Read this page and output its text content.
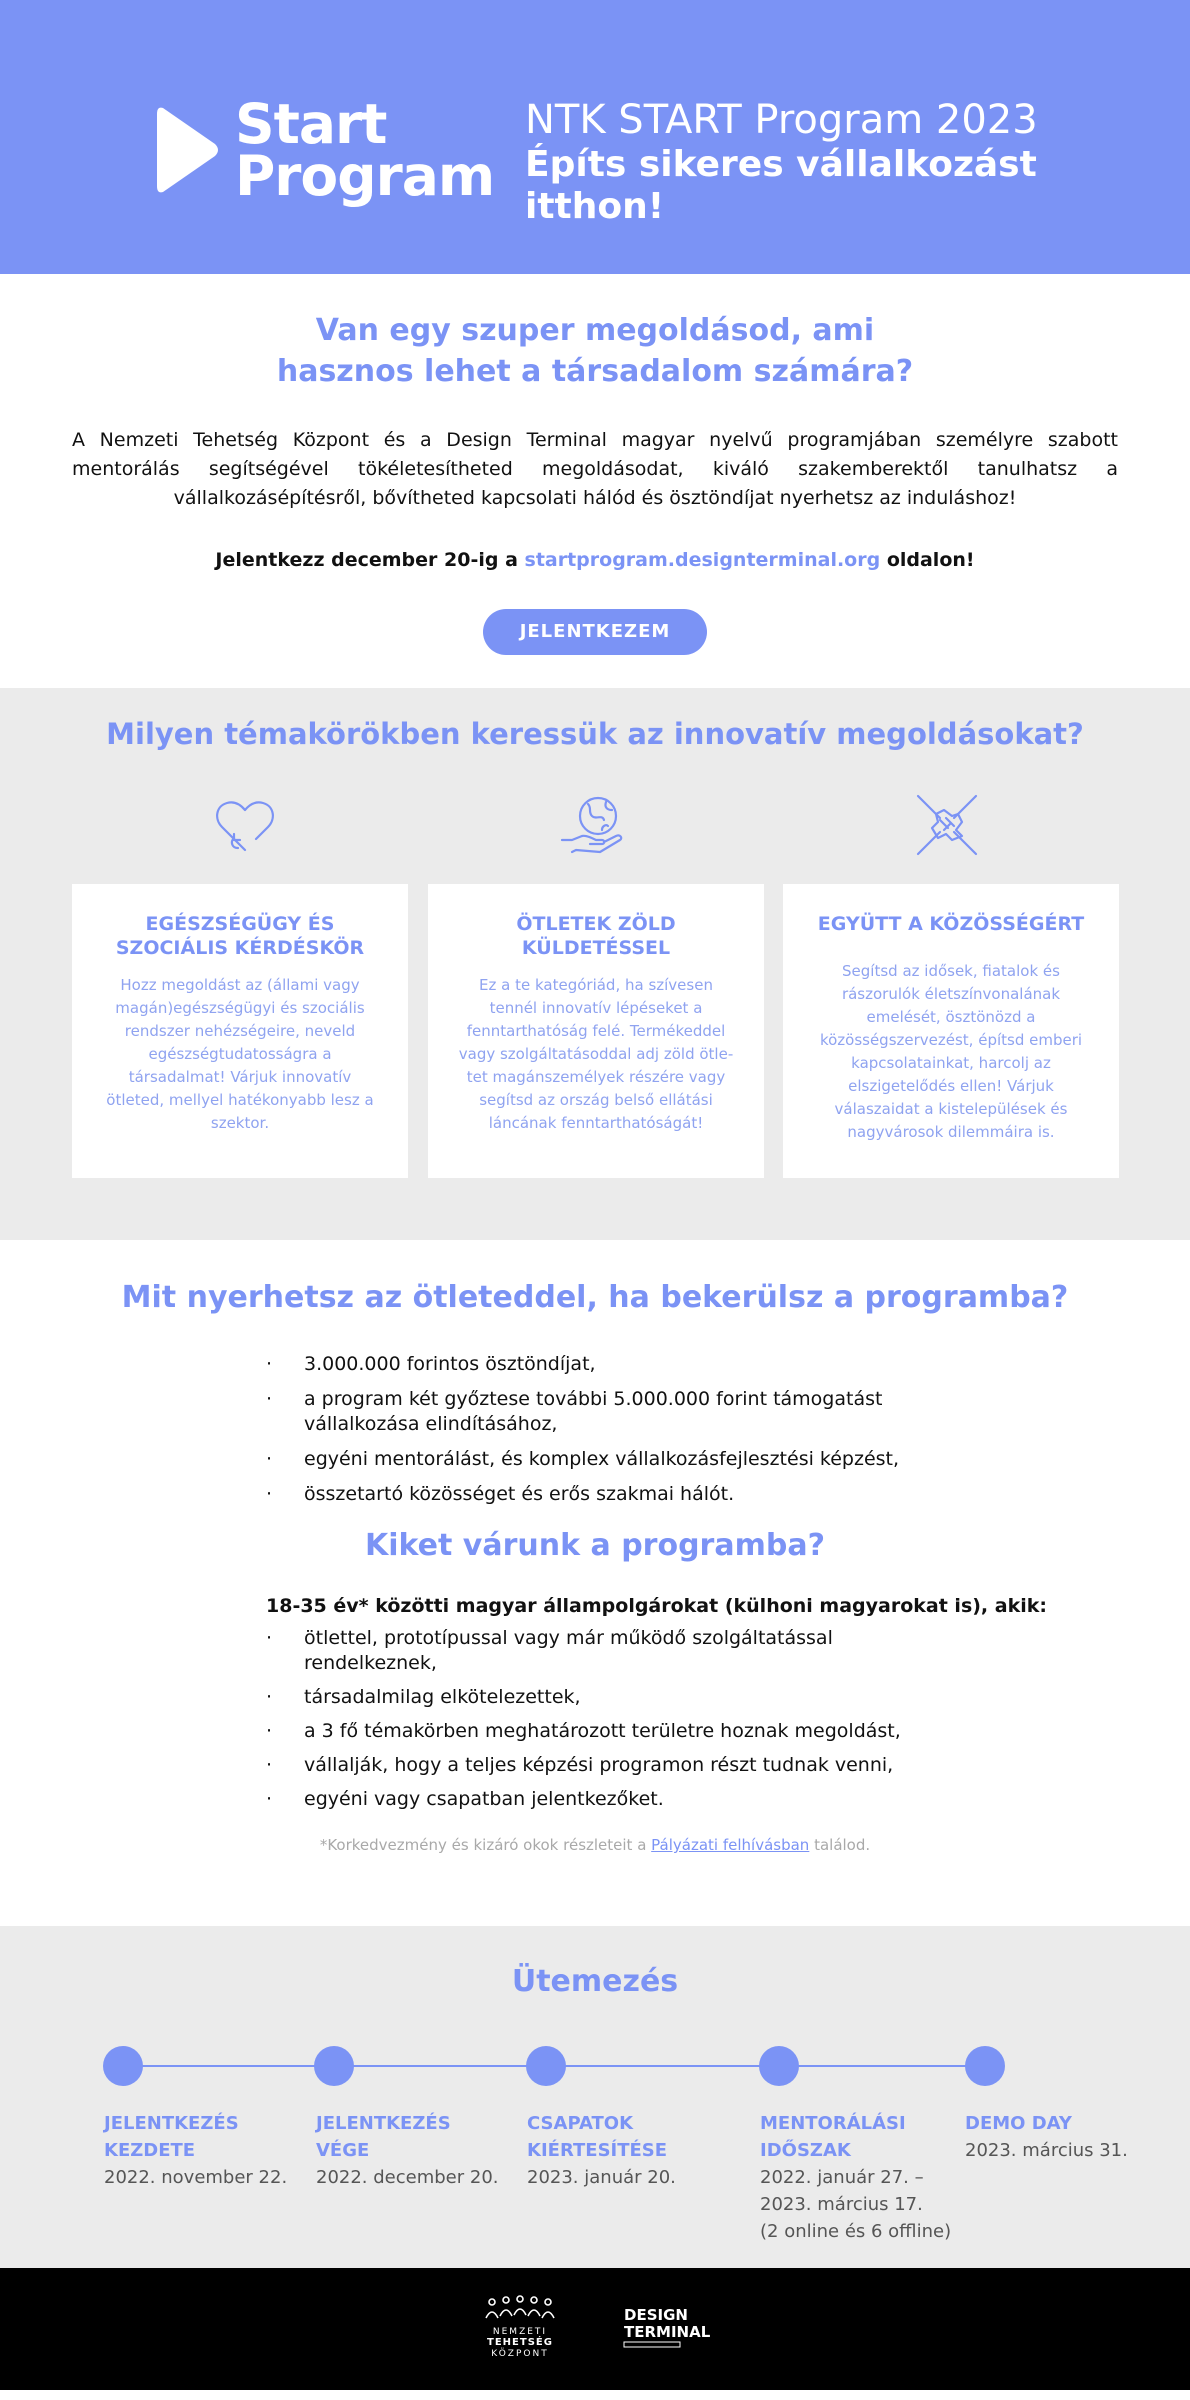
Start
Program
NTK START Program 2023
Építs sikeres vállalkozást itthon!
Van egy szuper megoldásod, ami hasznos lehet a társadalom számára?

A Nemzeti Tehetség Központ és a Design Terminal magyar nyelvű programjában személyre szabott mentorálás segítségével tökéletesítheted megoldásodat, kiváló szakemberektől tanulhatsz a vállalkozásépítésről, bővítheted kapcsolati hálód és ösztöndíjat nyerhetsz az induláshoz!

Jelentkezz december 20-ig a startprogram.designterminal.org oldalon!

JELENTKEZEM
Milyen témakörökben keressük az innovatív megoldásokat?
EGÉSZSÉGÜGY ÉS SZOCIÁLIS KÉRDÉSKÖR

Hozz megoldást az (állami vagy magán)egészségügyi és szociális rendszer nehézségeire, neveld egészségtudatosságra a társadalmat! Várjuk innovatív ötleted, mellyel hatékonyabb lesz a szektor.

ÖTLETEK ZÖLD KÜLDETÉSSEL

Ez a te kategóriád, ha szívesen tennél innovatív lépéseket a fenntarthatóság felé. Termékeddel vagy szolgáltatásoddal adj zöld ötle-tet magánszemélyek részére vagy segítsd az ország belső ellátási láncának fenntarthatóságát!

EGYÜTT A KÖZÖSSÉGÉRT

Segítsd az idősek, fiatalok és rászorulók életszínvonalának emelését, ösztönözd a közösségszervezést, építsd emberi kapcsolatainkat, harcolj az elszigetelődés ellen! Várjuk válaszaidat a kistelepülések és nagyvárosok dilemmáira is.

Mit nyerhetsz az ötleteddel, ha bekerülsz a programba?
· 3.000.000 forintos ösztöndíjat,
· a program két győztese további 5.000.000 forint támogatást vállalkozása elindításához,
· egyéni mentorálást, és komplex vállalkozásfejlesztési képzést,
· összetartó közösséget és erős szakmai hálót.
Kiket várunk a programba?

18-35 év* közötti magyar állampolgárokat (külhoni magyarokat is), akik:

· ötlettel, prototípussal vagy már működő szolgáltatással rendelkeznek,
· társadalmilag elkötelezettek,
· a 3 fő témakörben meghatározott területre hoznak megoldást,
· vállalják, hogy a teljes képzési programon részt tudnak venni,
· egyéni vagy csapatban jelentkezőket.

*Korkedvezmény és kizáró okok részleteit a Pályázati felhívásban találod.

Ütemezés
JELENTKEZÉS
KEZDETE
2022. november 22.
JELENTKEZÉS
VÉGE
2022. december 20.
CSAPATOK
KIÉRTESÍTÉSE
2023. január 20.
MENTORÁLÁSI
IDŐSZAK
2022. január 27. –
2023. március 17.
(2 online és 6 offline)
DEMO DAY
2023. március 31.
NEMZETI
TEHETSÉG
KÖZPONT
DESIGN
TERMINAL
